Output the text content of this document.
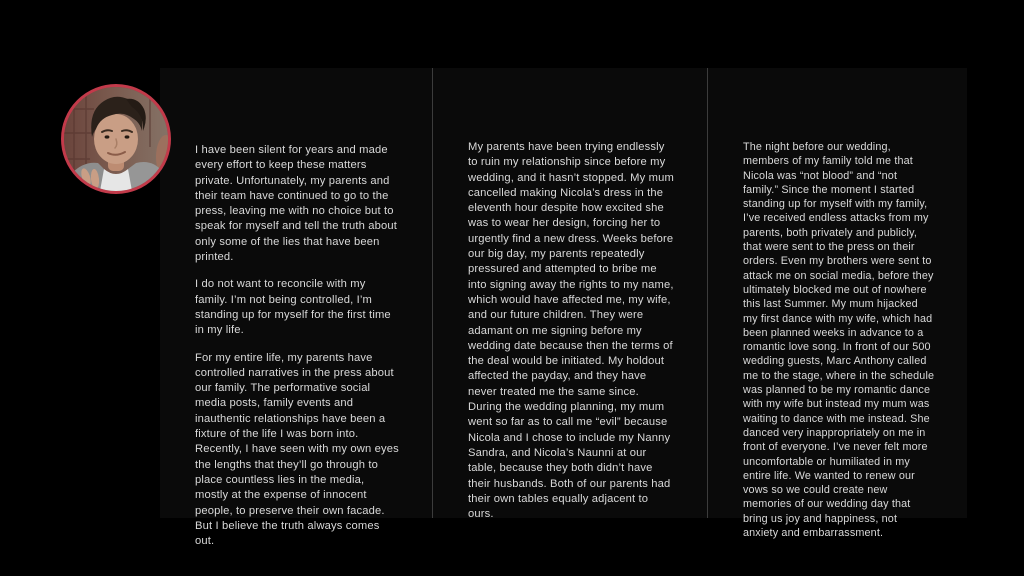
I have been silent for years and made every effort to keep these matters private. Unfortunately, my parents and their team have continued to go to the press, leaving me with no choice but to speak for myself and tell the truth about only some of the lies that have been printed.

I do not want to reconcile with my family. I’m not being controlled, I’m standing up for myself for the first time in my life.

For my entire life, my parents have controlled narratives in the press about our family. The performative social media posts, family events and inauthentic relationships have been a fixture of the life I was born into. Recently, I have seen with my own eyes the lengths that they’ll go through to place countless lies in the media, mostly at the expense of innocent people, to preserve their own facade. But I believe the truth always comes out.

My parents have been trying endlessly to ruin my relationship since before my wedding, and it hasn’t stopped. My mum cancelled making Nicola’s dress in the eleventh hour despite how excited she was to wear her design, forcing her to urgently find a new dress. Weeks before our big day, my parents repeatedly pressured and attempted to bribe me into signing away the rights to my name, which would have affected me, my wife, and our future children. They were adamant on me signing before my wedding date because then the terms of the deal would be initiated. My holdout affected the payday, and they have never treated me the same since. During the wedding planning, my mum went so far as to call me “evil” because Nicola and I chose to include my Nanny Sandra, and Nicola’s Naunni at our table, because they both didn’t have their husbands. Both of our parents had their own tables equally adjacent to ours.

The night before our wedding, members of my family told me that Nicola was “not blood” and “not family.” Since the moment I started standing up for myself with my family, I’ve received endless attacks from my parents, both privately and publicly, that were sent to the press on their orders. Even my brothers were sent to attack me on social media, before they ultimately blocked me out of nowhere this last Summer. My mum hijacked my first dance with my wife, which had been planned weeks in advance to a romantic love song. In front of our 500 wedding guests, Marc Anthony called me to the stage, where in the schedule was planned to be my romantic dance with my wife but instead my mum was waiting to dance with me instead. She danced very inappropriately on me in front of everyone. I’ve never felt more uncomfortable or humiliated in my entire life. We wanted to renew our vows so we could create new memories of our wedding day that bring us joy and happiness, not anxiety and embarrassment.
